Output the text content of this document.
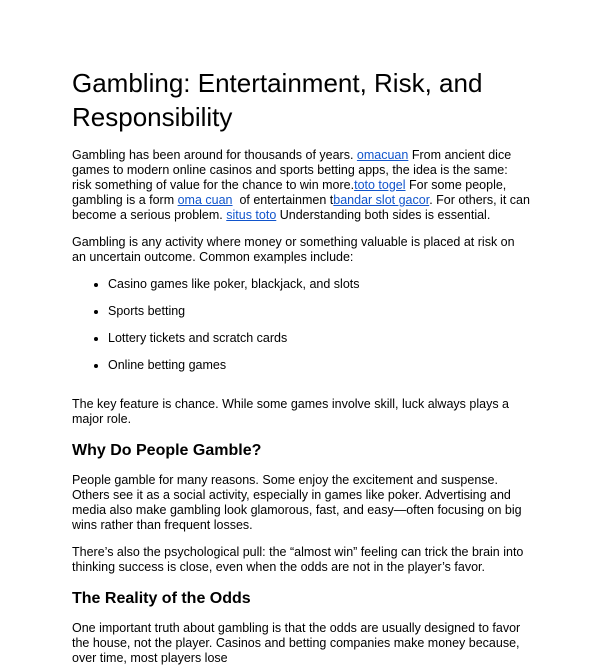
Gambling: Entertainment, Risk, and Responsibility

Gambling has been around for thousands of years. omacuan From ancient dice games to modern online casinos and sports betting apps, the idea is the same: risk something of value for the chance to win more.toto togel For some people, gambling is a form oma cuan  of entertainmen tbandar slot gacor. For others, it can become a serious problem. situs toto Understanding both sides is essential.

Gambling is any activity where money or something valuable is placed at risk on an uncertain outcome. Common examples include:

• Casino games like poker, blackjack, and slots
• Sports betting
• Lottery tickets and scratch cards
• Online betting games

The key feature is chance. While some games involve skill, luck always plays a major role.

Why Do People Gamble?

People gamble for many reasons. Some enjoy the excitement and suspense. Others see it as a social activity, especially in games like poker. Advertising and media also make gambling look glamorous, fast, and easy—often focusing on big wins rather than frequent losses.

There’s also the psychological pull: the “almost win” feeling can trick the brain into thinking success is close, even when the odds are not in the player’s favor.

The Reality of the Odds

One important truth about gambling is that the odds are usually designed to favor the house, not the player. Casinos and betting companies make money because, over time, most players lose
